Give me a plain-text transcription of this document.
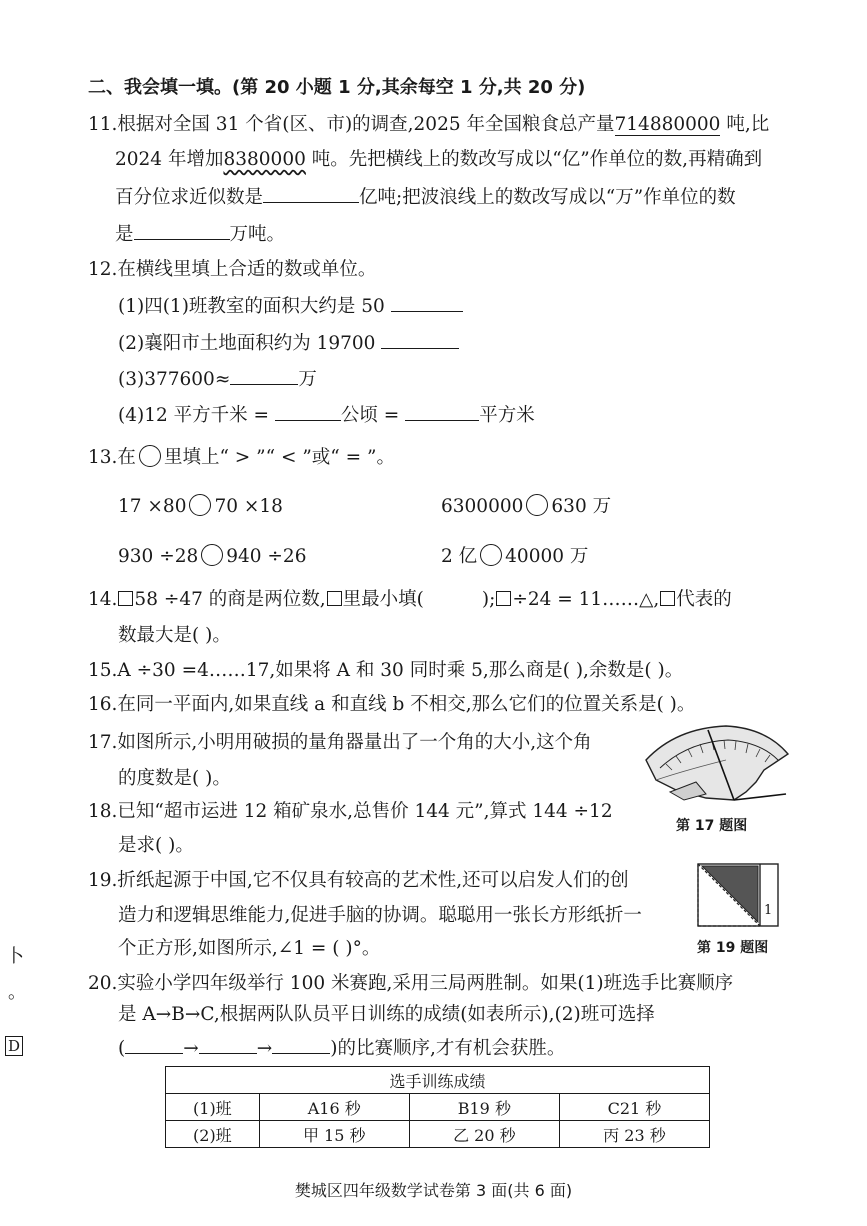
二、我会填一填。(第 20 小题 1 分,其余每空 1 分,共 20 分)
11.根据对全国 31 个省(区、市)的调查,2025 年全国粮食总产量714880000 吨,比
2024 年增加8380000 吨。先把横线上的数改写成以“亿”作单位的数,再精确到
百分位求近似数是	亿吨;把波浪线上的数改写成以“万”作单位的数
是	万吨。
12.在横线里填上合适的数或单位。
(1)四(1)班教室的面积大约是 50
(2)襄阳市土地面积约为 19700
(3)377600≈	万
(4)12 平方千米 =	公顷 =	平方米
13.在 里填上“ > ”“ < ”或“ = ”。
17 ×80 70 ×18	6300000 630 万
930 ÷28 940 ÷26	2 亿 40000 万
14. 58 ÷47 的商是两位数, 里最小填(	); ÷24 = 11……△, 代表的
数最大是( )。
15.A ÷30 =4……17,如果将 A 和 30 同时乘 5,那么商是( ),余数是( )。
16.在同一平面内,如果直线 a 和直线 b 不相交,那么它们的位置关系是( )。
17.如图所示,小明用破损的量角器量出了一个角的大小,这个角
的度数是( )。
第 17 题图
18.已知“超市运进 12 箱矿泉水,总售价 144 元”,算式 144 ÷12
是求( )。
19.折纸起源于中国,它不仅具有较高的艺术性,还可以启发人们的创
造力和逻辑思维能力,促进手脑的协调。聪聪用一张长方形纸折一
个正方形,如图所示,∠1 = ( )°。
1
第 19 题图
20.实验小学四年级举行 100 米赛跑,采用三局两胜制。如果(1)班选手比赛顺序
是 A→B→C,根据两队队员平日训练的成绩(如表所示),(2)班可选择
(	→	→	)的比赛顺序,才有机会获胜。
选手训练成绩			
(1)班	A16 秒	B19 秒	C21 秒
(2)班	甲 15 秒	乙 20 秒	丙 23 秒
卜
。
D
樊城区四年级数学试卷第 3 面(共 6 面)
